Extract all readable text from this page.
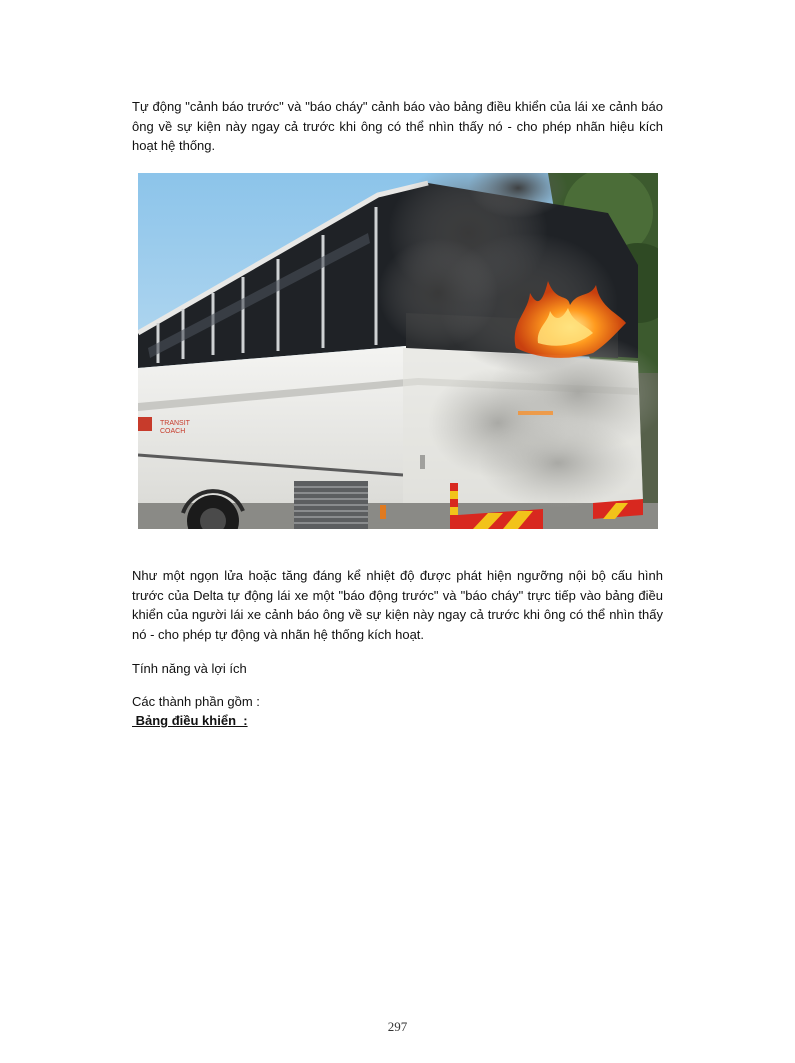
Tự động "cảnh báo trước" và "báo cháy" cảnh báo vào bảng điều khiển của lái xe cảnh báo ông về sự kiện này ngay cả trước khi ông có thể nhìn thấy nó - cho phép nhãn hiệu kích hoạt hệ thống.

TRANSIT
COACH

Như một ngọn lửa hoặc tăng đáng kể nhiệt độ được phát hiện ngưỡng nội bộ cấu hình trước của Delta tự động lái xe một "báo động trước" và "báo cháy" trực tiếp vào bảng điều khiển của người lái xe cảnh báo ông về sự kiện này ngay cả trước khi ông có thể nhìn thấy nó - cho phép tự động và nhãn hệ thống kích hoạt.

Tính năng và lợi ích

Các thành phần gồm :

Bảng điều khiển  :

297
